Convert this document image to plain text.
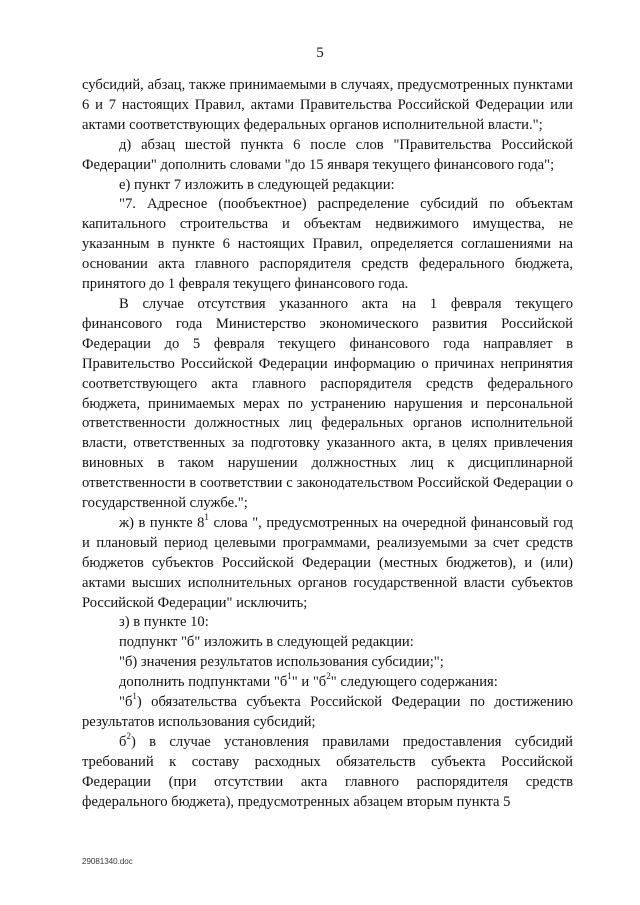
5

субсидий, абзац, также принимаемыми в случаях, предусмотренных пунктами 6 и 7 настоящих Правил, актами Правительства Российской Федерации или актами соответствующих федеральных органов исполнительной власти.";

д) абзац шестой пункта 6 после слов "Правительства Российской Федерации" дополнить словами "до 15 января текущего финансового года";

е) пункт 7 изложить в следующей редакции:

"7. Адресное (пообъектное) распределение субсидий по объектам капитального строительства и объектам недвижимого имущества, не указанным в пункте 6 настоящих Правил, определяется соглашениями на основании акта главного распорядителя средств федерального бюджета, принятого до 1 февраля текущего финансового года.

В случае отсутствия указанного акта на 1 февраля текущего финансового года Министерство экономического развития Российской Федерации до 5 февраля текущего финансового года направляет в Правительство Российской Федерации информацию о причинах непринятия соответствующего акта главного распорядителя средств федерального бюджета, принимаемых мерах по устранению нарушения и персональной ответственности должностных лиц федеральных органов исполнительной власти, ответственных за подготовку указанного акта, в целях привлечения виновных в таком нарушении должностных лиц к дисциплинарной ответственности в соответствии с законодательством Российской Федерации о государственной службе.";

ж) в пункте $8^1$ слова ", предусмотренных на очередной финансовый год и плановый период целевыми программами, реализуемыми за счет средств бюджетов субъектов Российской Федерации (местных бюджетов), и (или) актами высших исполнительных органов государственной власти субъектов Российской Федерации" исключить;

з) в пункте 10:

подпункт "б" изложить в следующей редакции:

"б) значения результатов использования субсидии;";

дополнить подпунктами "$б^1$" и "$б^2$" следующего содержания:

"$б^1$) обязательства субъекта Российской Федерации по достижению результатов использования субсидий;

$б^2$) в случае установления правилами предоставления субсидий требований к составу расходных обязательств субъекта Российской Федерации (при отсутствии акта главного распорядителя средств федерального бюджета), предусмотренных абзацем вторым пункта 5

29081340.doc
